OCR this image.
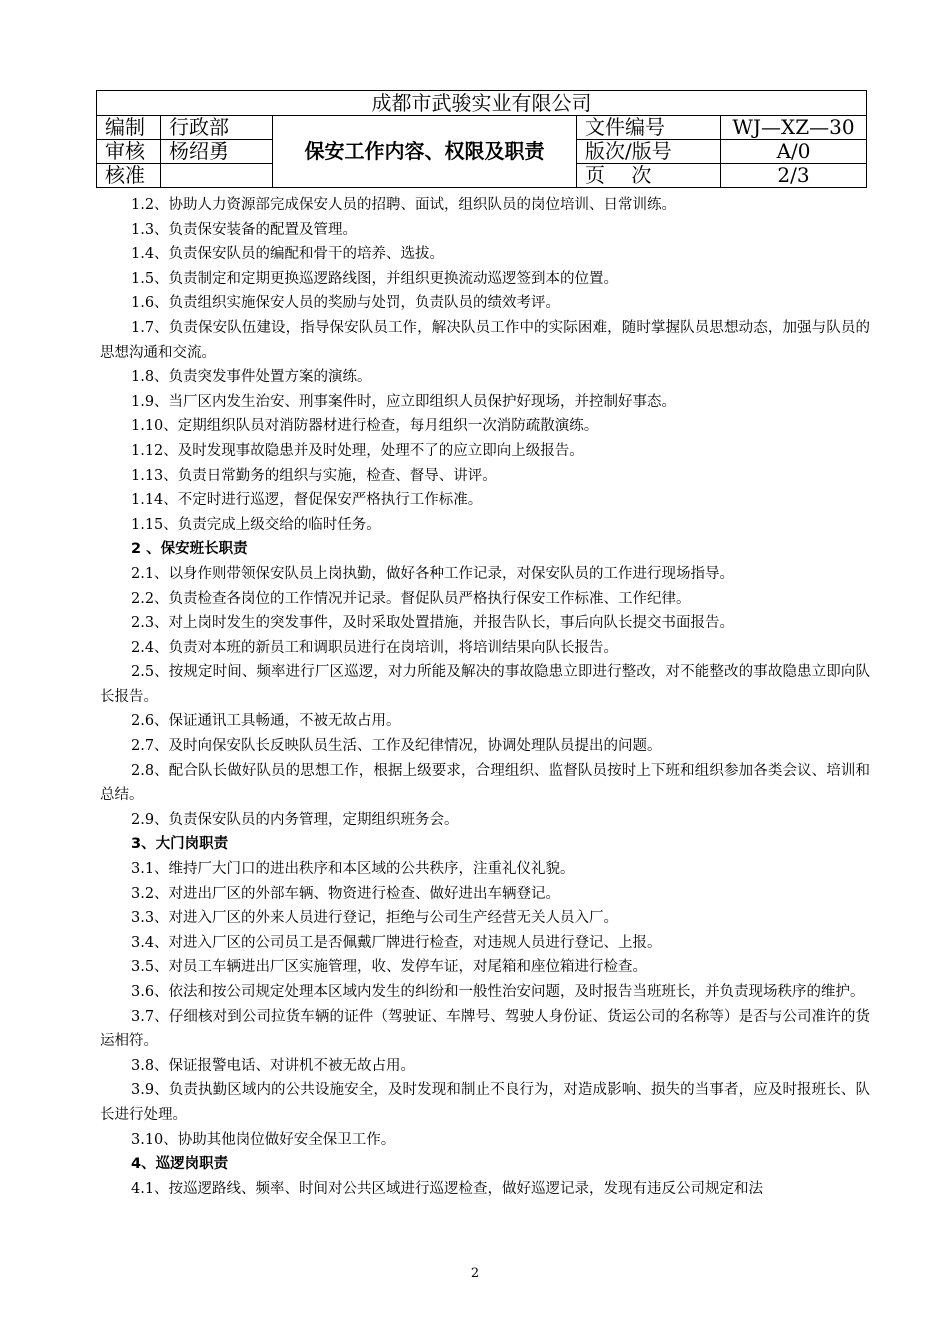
成都市武骏实业有限公司				
编制	行政部	保安工作内容、权限及职责	文件编号	WJ—XZ—30
审核	杨绍勇		版次/版号	A/0
核准			页　 次	2/3

1.2、协助人力资源部完成保安人员的招聘、面试，组织队员的岗位培训、日常训练。

1.3、负责保安装备的配置及管理。

1.4、负责保安队员的编配和骨干的培养、选拔。

1.5、负责制定和定期更换巡逻路线图，并组织更换流动巡逻签到本的位置。

1.6、负责组织实施保安人员的奖励与处罚，负责队员的绩效考评。

1.7、负责保安队伍建设，指导保安队员工作，解决队员工作中的实际困难，随时掌握队员思想动态，加强与队员的思想沟通和交流。

1.8、负责突发事件处置方案的演练。

1.9、当厂区内发生治安、刑事案件时，应立即组织人员保护好现场，并控制好事态。

1.10、定期组织队员对消防器材进行检查，每月组织一次消防疏散演练。

1.12、及时发现事故隐患并及时处理，处理不了的应立即向上级报告。

1.13、负责日常勤务的组织与实施，检查、督导、讲评。

1.14、不定时进行巡逻，督促保安严格执行工作标准。

1.15、负责完成上级交给的临时任务。

2 、保安班长职责

2.1、以身作则带领保安队员上岗执勤，做好各种工作记录，对保安队员的工作进行现场指导。

2.2、负责检查各岗位的工作情况并记录。督促队员严格执行保安工作标准、工作纪律。

2.3、对上岗时发生的突发事件，及时采取处置措施，并报告队长，事后向队长提交书面报告。

2.4、负责对本班的新员工和调职员进行在岗培训，将培训结果向队长报告。

2.5、按规定时间、频率进行厂区巡逻，对力所能及解决的事故隐患立即进行整改，对不能整改的事故隐患立即向队长报告。

2.6、保证通讯工具畅通，不被无故占用。

2.7、及时向保安队长反映队员生活、工作及纪律情况，协调处理队员提出的问题。

2.8、配合队长做好队员的思想工作，根据上级要求，合理组织、监督队员按时上下班和组织参加各类会议、培训和总结。

2.9、负责保安队员的内务管理，定期组织班务会。

3、大门岗职责

3.1、维持厂大门口的进出秩序和本区域的公共秩序，注重礼仪礼貌。

3.2、对进出厂区的外部车辆、物资进行检查、做好进出车辆登记。

3.3、对进入厂区的外来人员进行登记，拒绝与公司生产经营无关人员入厂。

3.4、对进入厂区的公司员工是否佩戴厂牌进行检查，对违规人员进行登记、上报。

3.5、对员工车辆进出厂区实施管理，收、发停车证，对尾箱和座位箱进行检查。

3.6、依法和按公司规定处理本区域内发生的纠纷和一般性治安问题，及时报告当班班长，并负责现场秩序的维护。

3.7、仔细核对到公司拉货车辆的证件（驾驶证、车牌号、驾驶人身份证、货运公司的名称等）是否与公司准许的货运相符。

3.8、保证报警电话、对讲机不被无故占用。

3.9、负责执勤区域内的公共设施安全，及时发现和制止不良行为，对造成影响、损失的当事者，应及时报班长、队长进行处理。

3.10、协助其他岗位做好安全保卫工作。

4、巡逻岗职责

4.1、按巡逻路线、频率、时间对公共区域进行巡逻检查，做好巡逻记录，发现有违反公司规定和法

2
